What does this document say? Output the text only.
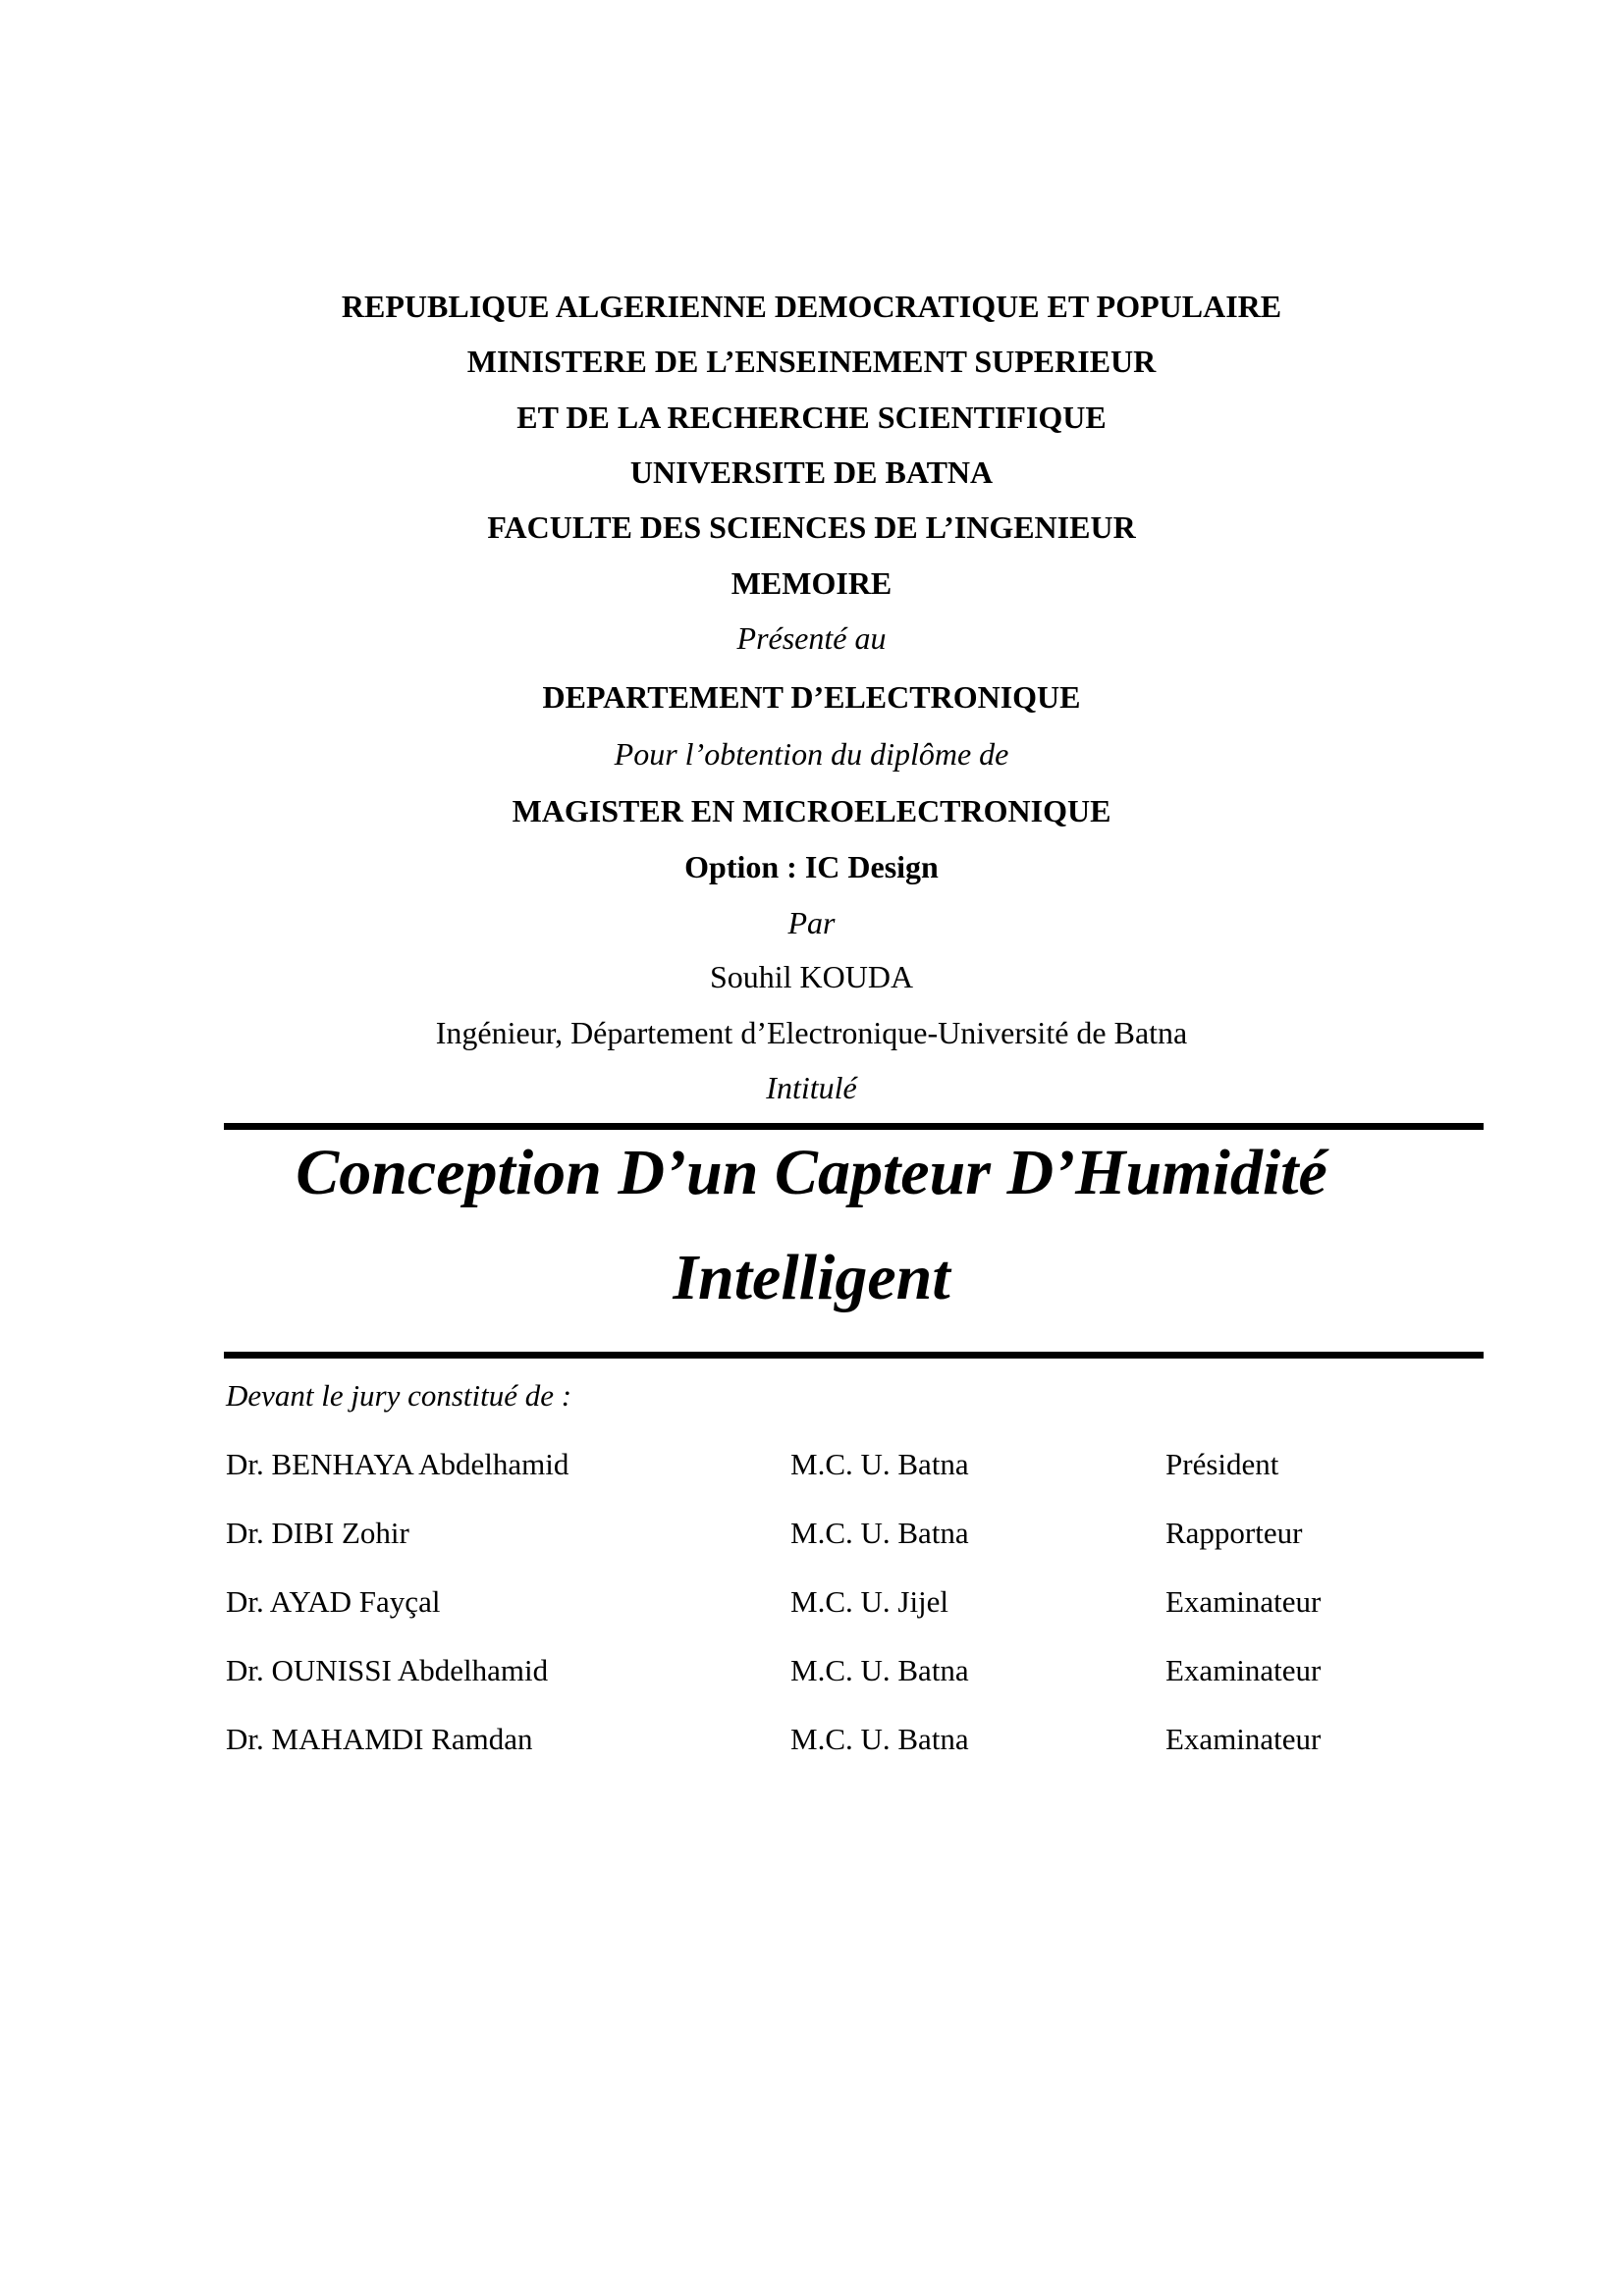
REPUBLIQUE ALGERIENNE DEMOCRATIQUE ET POPULAIRE
MINISTERE DE L’ENSEINEMENT SUPERIEUR
ET DE LA RECHERCHE SCIENTIFIQUE
UNIVERSITE DE BATNA
FACULTE DES SCIENCES DE L’INGENIEUR
MEMOIRE
Présenté au
DEPARTEMENT D’ELECTRONIQUE
Pour l’obtention du diplôme de
MAGISTER EN MICROELECTRONIQUE
Option : IC Design
Par
Souhil KOUDA
Ingénieur, Département d’Electronique-Université de Batna
Intitulé
Conception D’un Capteur D’Humidité
Intelligent
Devant le jury constitué de :
Dr. BENHAYA Abdelhamid	M.C. U. Batna	Président
Dr. DIBI Zohir	M.C. U. Batna	Rapporteur
Dr. AYAD Fayçal	M.C. U. Jijel	Examinateur
Dr. OUNISSI Abdelhamid	M.C. U. Batna	Examinateur
Dr. MAHAMDI Ramdan	M.C. U. Batna	Examinateur
